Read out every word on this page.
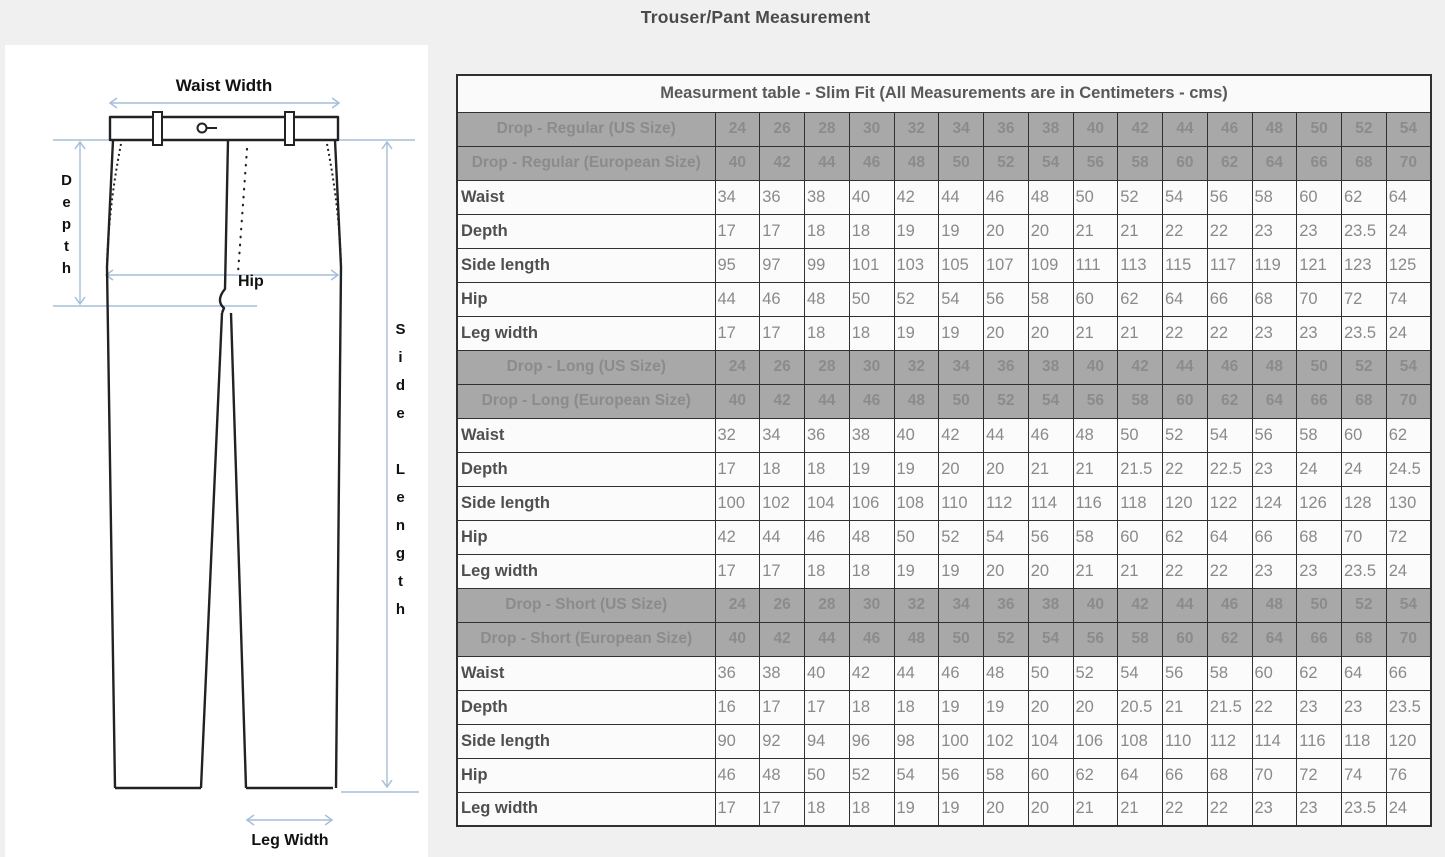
Trouser/Pant Measurement
Waist Width
Hip
Leg Width
Depth
Side Length
Measurment table - Slim Fit (All Measurements are in Centimeters - cms)																
Drop - Regular (US Size)	24	26	28	30	32	34	36	38	40	42	44	46	48	50	52	54
Drop - Regular (European Size)	40	42	44	46	48	50	52	54	56	58	60	62	64	66	68	70
Waist	34	36	38	40	42	44	46	48	50	52	54	56	58	60	62	64
Depth	17	17	18	18	19	19	20	20	21	21	22	22	23	23	23.5	24
Side length	95	97	99	101	103	105	107	109	111	113	115	117	119	121	123	125
Hip	44	46	48	50	52	54	56	58	60	62	64	66	68	70	72	74
Leg width	17	17	18	18	19	19	20	20	21	21	22	22	23	23	23.5	24
Drop - Long (US Size)	24	26	28	30	32	34	36	38	40	42	44	46	48	50	52	54
Drop - Long (European Size)	40	42	44	46	48	50	52	54	56	58	60	62	64	66	68	70
Waist	32	34	36	38	40	42	44	46	48	50	52	54	56	58	60	62
Depth	17	18	18	19	19	20	20	21	21	21.5	22	22.5	23	24	24	24.5
Side length	100	102	104	106	108	110	112	114	116	118	120	122	124	126	128	130
Hip	42	44	46	48	50	52	54	56	58	60	62	64	66	68	70	72
Leg width	17	17	18	18	19	19	20	20	21	21	22	22	23	23	23.5	24
Drop - Short (US Size)	24	26	28	30	32	34	36	38	40	42	44	46	48	50	52	54
Drop - Short (European Size)	40	42	44	46	48	50	52	54	56	58	60	62	64	66	68	70
Waist	36	38	40	42	44	46	48	50	52	54	56	58	60	62	64	66
Depth	16	17	17	18	18	19	19	20	20	20.5	21	21.5	22	23	23	23.5
Side length	90	92	94	96	98	100	102	104	106	108	110	112	114	116	118	120
Hip	46	48	50	52	54	56	58	60	62	64	66	68	70	72	74	76
Leg width	17	17	18	18	19	19	20	20	21	21	22	22	23	23	23.5	24
